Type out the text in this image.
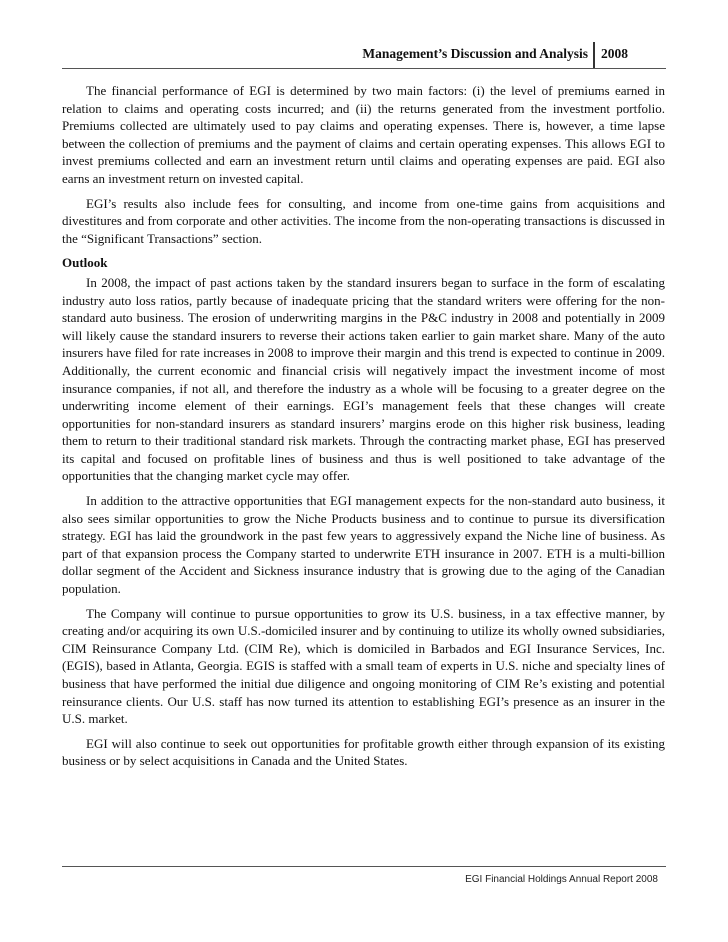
Management’s Discussion and Analysis 2008

The financial performance of EGI is determined by two main factors: (i) the level of premiums earned in relation to claims and operating costs incurred; and (ii) the returns generated from the investment portfolio. Premiums collected are ultimately used to pay claims and operating expenses. There is, however, a time lapse between the collection of premiums and the payment of claims and certain operating expenses. This allows EGI to invest premiums collected and earn an investment return until claims and operating expenses are paid. EGI also earns an investment return on invested capital.

EGI’s results also include fees for consulting, and income from one-time gains from acquisitions and divestitures and from corporate and other activities. The income from the non-operating transactions is discussed in the “Significant Transactions” section.

Outlook

In 2008, the impact of past actions taken by the standard insurers began to surface in the form of escalating industry auto loss ratios, partly because of inadequate pricing that the standard writers were offering for the non-standard auto business. The erosion of underwriting margins in the P&C industry in 2008 and potentially in 2009 will likely cause the standard insurers to reverse their actions taken earlier to gain market share. Many of the auto insurers have filed for rate increases in 2008 to improve their margin and this trend is expected to continue in 2009. Additionally, the current economic and financial crisis will negatively impact the investment income of most insurance companies, if not all, and therefore the industry as a whole will be focusing to a greater degree on the underwriting income element of their earnings. EGI’s management feels that these changes will create opportunities for non-standard insurers as standard insurers’ margins erode on this higher risk business, leading them to return to their traditional standard risk markets. Through the contracting market phase, EGI has preserved its capital and focused on profitable lines of business and thus is well positioned to take advantage of the opportunities that the changing market cycle may offer.

In addition to the attractive opportunities that EGI management expects for the non-standard auto business, it also sees similar opportunities to grow the Niche Products business and to continue to pursue its diversification strategy. EGI has laid the groundwork in the past few years to aggressively expand the Niche line of business. As part of that expansion process the Company started to underwrite ETH insurance in 2007. ETH is a multi-billion dollar segment of the Accident and Sickness insurance industry that is growing due to the aging of the Canadian population.

The Company will continue to pursue opportunities to grow its U.S. business, in a tax effective manner, by creating and/or acquiring its own U.S.-domiciled insurer and by continuing to utilize its wholly owned subsidiaries, CIM Reinsurance Company Ltd. (CIM Re), which is domiciled in Barbados and EGI Insurance Services, Inc. (EGIS), based in Atlanta, Georgia. EGIS is staffed with a small team of experts in U.S. niche and specialty lines of business that have performed the initial due diligence and ongoing monitoring of CIM Re’s existing and potential reinsurance clients. Our U.S. staff has now turned its attention to establishing EGI’s presence as an insurer in the U.S. market.

EGI will also continue to seek out opportunities for profitable growth either through expansion of its existing business or by select acquisitions in Canada and the United States.

EGI Financial Holdings Annual Report 2008
